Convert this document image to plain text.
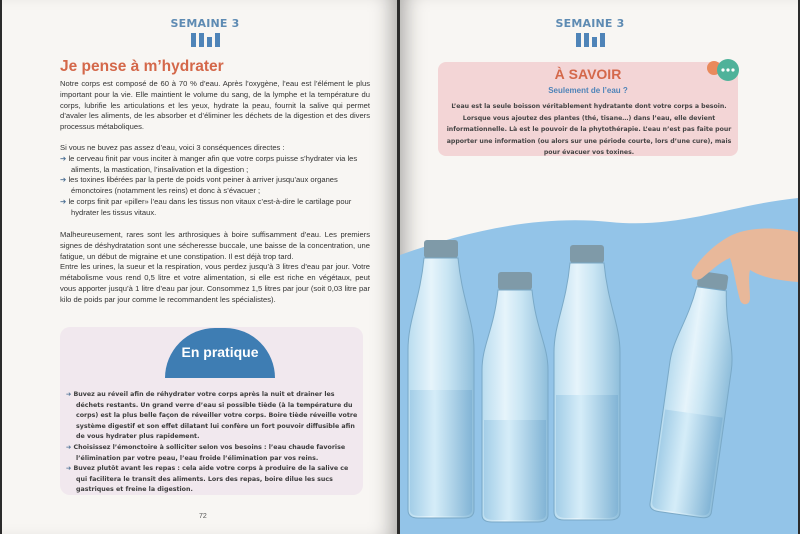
SEMAINE 3
Je pense à m’hydrater

Notre corps est composé de 60 à 70 % d’eau. Après l’oxygène, l’eau est l’élément le plus important pour la vie. Elle maintient le volume du sang, de la lymphe et la température du corps, lubrifie les articulations et les yeux, hydrate la peau, fournit la salive qui permet d’avaler les aliments, de les absorber et d’éliminer les déchets de la digestion et des divers processus métaboliques.

Si vous ne buvez pas assez d’eau, voici 3 conséquences directes :

➔ le cerveau finit par vous inciter à manger afin que votre corps puisse s’hydrater via les aliments, la mastication, l’insalivation et la digestion ;

➔ les toxines libérées par la perte de poids vont peiner à arriver jusqu’aux organes émonctoires (notamment les reins) et donc à s’évacuer ;

➔ le corps finit par «piller» l’eau dans les tissus non vitaux c’est-à-dire le cartilage pour hydrater les tissus vitaux.

Malheureusement, rares sont les arthrosiques à boire suffisamment d’eau. Les premiers signes de déshydratation sont une sécheresse buccale, une baisse de la concentration, une fatigue, un début de migraine et une constipation. Il est déjà trop tard.

Entre les urines, la sueur et la respiration, vous perdez jusqu’à 3 litres d’eau par jour. Votre métabolisme vous rend 0,5 litre et votre alimentation, si elle est riche en végétaux, peut vous apporter jusqu’à 1 litre d’eau par jour. Consommez 1,5 litres par jour (soit 0,03 litre par kilo de poids par jour comme le recommandent les spécialistes).

En pratique

➔ Buvez au réveil afin de réhydrater votre corps après la nuit et drainer les déchets restants. Un grand verre d’eau si possible tiède (à la température du corps) est la plus belle façon de réveiller votre corps. Boire tiède réveille votre système digestif et son effet dilatant lui confère un fort pouvoir diffusible afin de vous hydrater plus rapidement.

➔ Choisissez l’émonctoire à solliciter selon vos besoins : l’eau chaude favorise l’élimination par votre peau, l’eau froide l’élimination par vos reins.

➔ Buvez plutôt avant les repas : cela aide votre corps à produire de la salive ce qui facilitera le transit des aliments. Lors des repas, boire dilue les sucs gastriques et freine la digestion.

72
SEMAINE 3
À SAVOIR
Seulement de l’eau ?
L’eau est la seule boisson véritablement hydratante dont votre corps a besoin. Lorsque vous ajoutez des plantes (thé, tisane…) dans l’eau, elle devient informationnelle. Là est le pouvoir de la phytothérapie. L’eau n’est pas faite pour apporter une information (ou alors sur une période courte, lors d’une cure), mais pour évacuer vos toxines.
